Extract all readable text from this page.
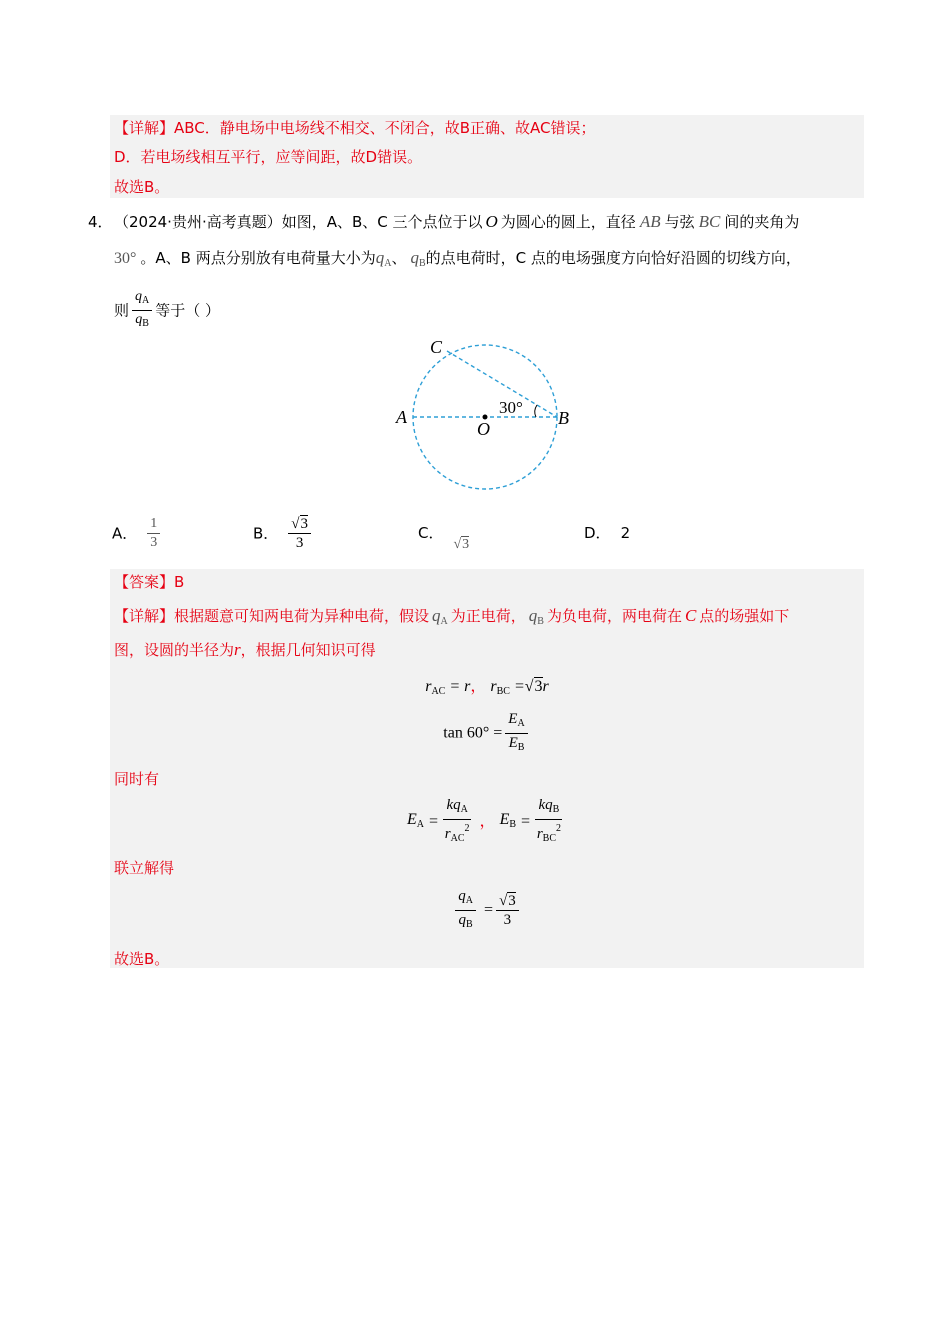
【详解】ABC．静电场中电场线不相交、不闭合，故B正确、故AC错误；
D．若电场线相互平行，应等间距，故D错误。
故选B。
4． （2024·贵州·高考真题）如图，A、B、C 三个点位于以 O 为圆心的圆上，直径 AB 与弦 BC 间的夹角为
30° 。A、B 两点分别放有电荷量大小为$q_A$、 $q_B$的点电荷时，C 点的电场强度方向恰好沿圆的切线方向，
则 $\frac{q_A}{q_B}$ 等于（ ）
C
A
O
B
30°
A． $\frac{1}{3}$	B． $\frac{√3}{3}$	C．√3
D． 2
【答案】B
【详解】根据题意可知两电荷为异种电荷，假设 $q_A$ 为正电荷， $q_B$ 为负电荷，两电荷在 C 点的场强如下
图，设圆的半径为r，根据几何知识可得
$r_{AC} = r$， $r_{BC} =√3r$
$\tan 60^\circ = \frac{E_A}{E_B}$
同时有
$E_A = \frac{kq_A}{r_{AC}^2}$ ， $E_B = \frac{kq_B}{r_{BC}^2}$
联立解得
$\frac{q_A}{q_B} = \frac{√3}{3}$
故选B。
